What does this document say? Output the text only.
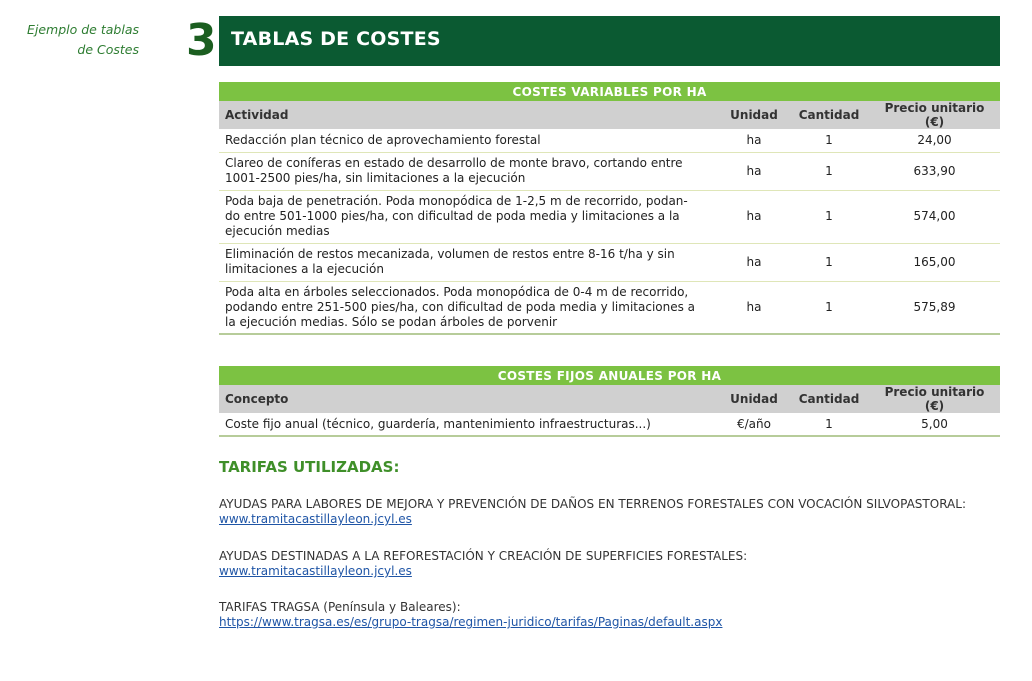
Ejemplo de tablas
de Costes 3 TABLAS DE COSTES
COSTES VARIABLES POR HA			
Actividad	Unidad	Cantidad	Precio unitario (€)

Redacción plan técnico de aprovechamiento forestal	ha	1	24,00

Clareo de coníferas en estado de desarrollo de monte bravo, cortando entre
1001-2500 pies/ha, sin limitaciones a la ejecución	ha	1	633,90

Poda baja de penetración. Poda monopódica de 1-2,5 m de recorrido, podan-
do entre 501-1000 pies/ha, con dificultad de poda media y limitaciones a la
ejecución medias	ha	1	574,00

Eliminación de restos mecanizada, volumen de restos entre 8-16 t/ha y sin
limitaciones a la ejecución	ha	1	165,00

Poda alta en árboles seleccionados. Poda monopódica de 0-4 m de recorrido,
podando entre 251-500 pies/ha, con dificultad de poda media y limitaciones a
la ejecución medias. Sólo se podan árboles de porvenir	ha	1	575,89
COSTES FIJOS ANUALES POR HA			
Concepto	Unidad	Cantidad	Precio unitario (€)

Coste fijo anual (técnico, guardería, mantenimiento infraestructuras...)	€/año	1	5,00
TARIFAS UTILIZADAS:
AYUDAS PARA LABORES DE MEJORA Y PREVENCIÓN DE DAÑOS EN TERRENOS FORESTALES CON VOCACIÓN SILVOPASTORAL:
www.tramitacastillayleon.jcyl.es
AYUDAS DESTINADAS A LA REFORESTACIÓN Y CREACIÓN DE SUPERFICIES FORESTALES:
www.tramitacastillayleon.jcyl.es
TARIFAS TRAGSA (Península y Baleares):
https://www.tragsa.es/es/grupo-tragsa/regimen-juridico/tarifas/Paginas/default.aspx
